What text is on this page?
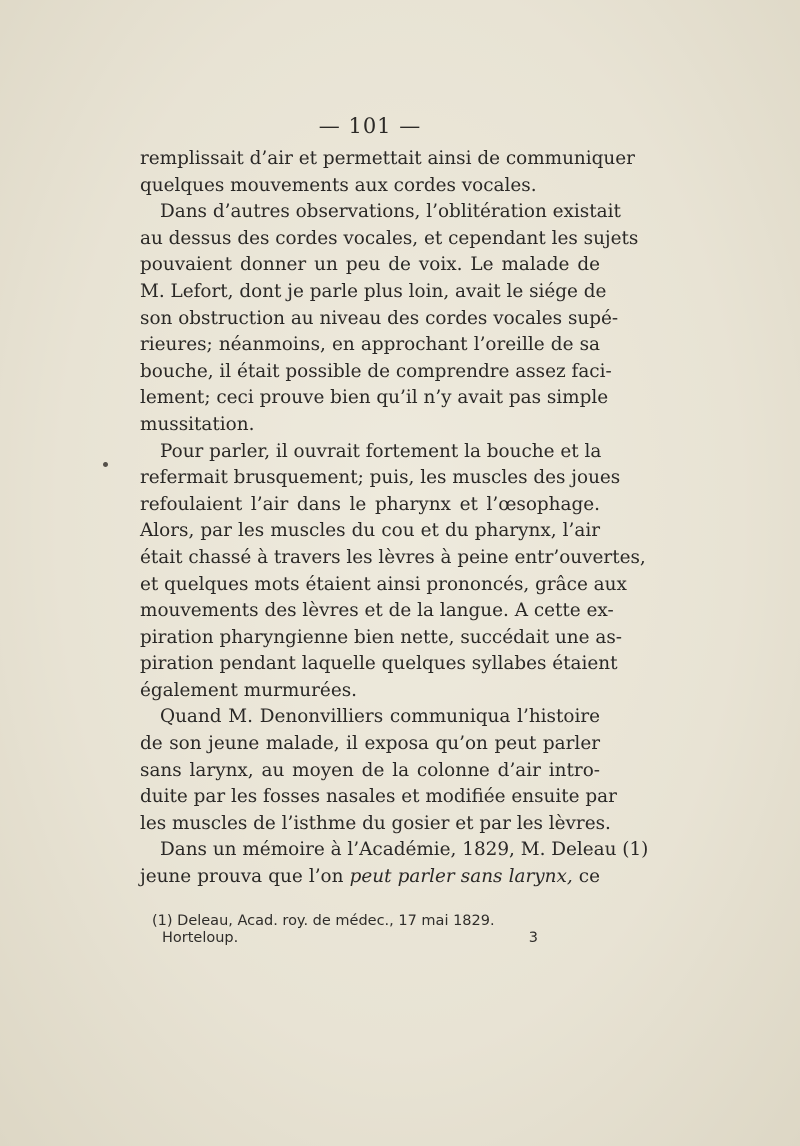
— 101 —
remplissait d’air et permettait ainsi de communiquer
quelques mouvements aux cordes vocales.
Dans d’autres observations, l’oblitération existait
au dessus des cordes vocales, et cependant les sujets
pouvaient donner un peu de voix. Le malade de
M. Lefort, dont je parle plus loin, avait le siége de
son obstruction au niveau des cordes vocales supé-
rieures; néanmoins, en approchant l’oreille de sa
bouche, il était possible de comprendre assez faci-
lement; ceci prouve bien qu’il n’y avait pas simple
mussitation.
Pour parler, il ouvrait fortement la bouche et la
refermait brusquement; puis, les muscles des joues
refoulaient l’air dans le pharynx et l’œsophage.
Alors, par les muscles du cou et du pharynx, l’air
était chassé à travers les lèvres à peine entr’ouvertes,
et quelques mots étaient ainsi prononcés, grâce aux
mouvements des lèvres et de la langue. A cette ex-
piration pharyngienne bien nette, succédait une as-
piration pendant laquelle quelques syllabes étaient
également murmurées.
Quand M. Denonvilliers communiqua l’histoire
de son jeune malade, il exposa qu’on peut parler
sans larynx, au moyen de la colonne d’air intro-
duite par les fosses nasales et modifiée ensuite par
les muscles de l’isthme du gosier et par les lèvres.
Dans un mémoire à l’Académie, 1829, M. Deleau (1)
jeune prouva que l’on peut parler sans larynx, ce
(1) Deleau, Acad. roy. de médec., 17 mai 1829.
Horteloup.	3
